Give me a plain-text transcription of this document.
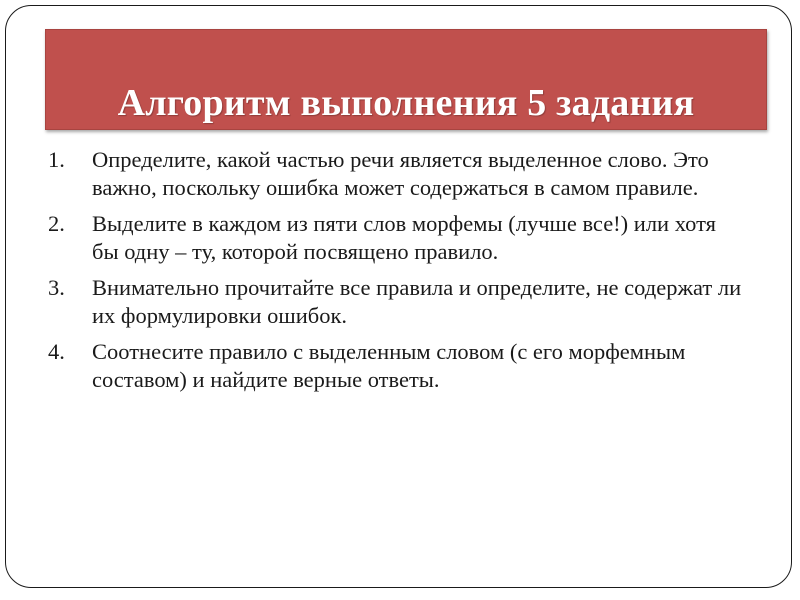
Алгоритм выполнения 5 задания
1. Определите, какой частью речи является выделенное слово. Это важно, поскольку ошибка может содержаться в самом правиле.
2. Выделите в каждом из пяти слов морфемы (лучше все!) или хотя бы одну – ту, которой посвящено правило.
3. Внимательно прочитайте все правила и определите, не содержат ли их формулировки ошибок.
4. Соотнесите правило с выделенным словом (с его морфемным составом) и найдите верные ответы.
